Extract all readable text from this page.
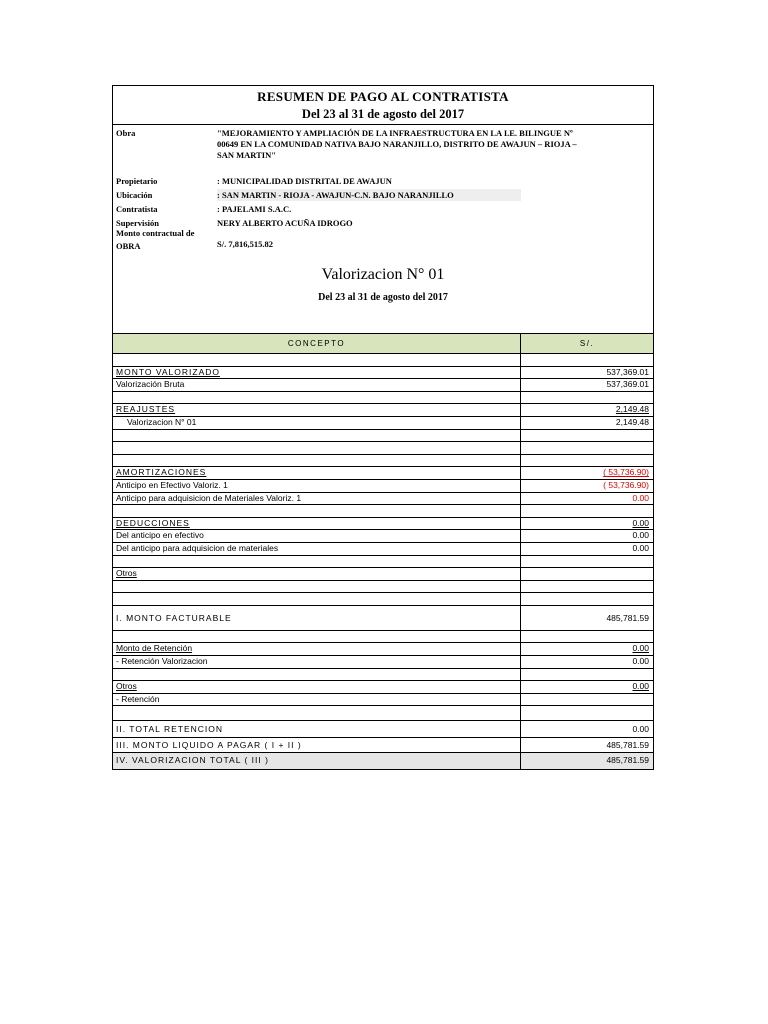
RESUMEN DE PAGO AL CONTRATISTA
Del 23 al 31 de agosto del 2017
Obra	"MEJORAMIENTO Y AMPLIACIÓN DE LA INFRAESTRUCTURA EN LA I.E. BILINGUE Nº
00649 EN LA COMUNIDAD NATIVA BAJO NARANJILLO, DISTRITO DE AWAJUN – RIOJA –
SAN MARTIN"
Propietario	: MUNICIPALIDAD DISTRITAL DE AWAJUN
Ubicación	: SAN MARTIN - RIOJA - AWAJUN-C.N. BAJO NARANJILLO
Contratista	: PAJELAMI S.A.C.
Supervisión	NERY ALBERTO ACUÑA IDROGO
Monto contractual de
OBRA	S/. 7,816,515.82
Valorizacion N° 01
Del 23 al 31 de agosto del 2017
CONCEPTO	S/.
MONTO VALORIZADO	537,369.01
Valorización Bruta	537,369.01
REAJUSTES	2,149.48
Valorizacion N° 01	2,149.48
AMORTIZACIONES	( 53,736.90)
Anticipo en Efectivo Valoriz. 1	( 53,736.90)
Anticipo para adquisicion de Materiales Valoriz. 1	0.00
DEDUCCIONES	0.00
Del anticipo en efectivo	0.00
Del anticipo para adquisicion de materiales	0.00
Otros
I. MONTO FACTURABLE	485,781.59
Monto de Retención	0.00
- Retención Valorizacion	0.00
Otros	0.00
- Retención
II. TOTAL RETENCION	0.00
III. MONTO LIQUIDO A PAGAR ( I + II )	485,781.59
IV. VALORIZACION TOTAL ( III )	485,781.59
